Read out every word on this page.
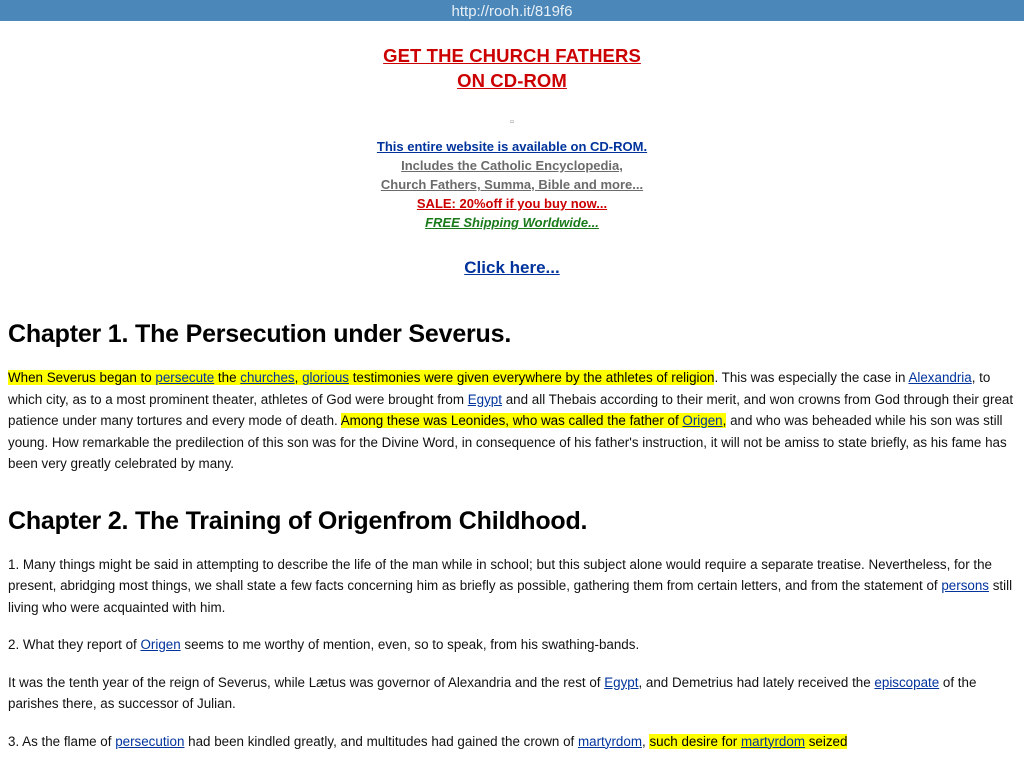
http://rooh.it/819f6
GET THE CHURCH FATHERS
ON CD-ROM
▫
This entire website is available on CD-ROM.
Includes the Catholic Encyclopedia,
Church Fathers, Summa, Bible and more...
SALE: 20%off if you buy now...
FREE Shipping Worldwide...
Click here...
Chapter 1. The Persecution under Severus.

When Severus began to persecute the churches, glorious testimonies were given everywhere by the athletes of religion. This was especially the case in Alexandria, to which city, as to a most prominent theater, athletes of God were brought from Egypt and all Thebais according to their merit, and won crowns from God through their great patience under many tortures and every mode of death. Among these was Leonides, who was called the father of Origen, and who was beheaded while his son was still young. How remarkable the predilection of this son was for the Divine Word, in consequence of his father's instruction, it will not be amiss to state briefly, as his fame has been very greatly celebrated by many.

Chapter 2. The Training of Origenfrom Childhood.

1. Many things might be said in attempting to describe the life of the man while in school; but this subject alone would require a separate treatise. Nevertheless, for the present, abridging most things, we shall state a few facts concerning him as briefly as possible, gathering them from certain letters, and from the statement of persons still living who were acquainted with him.

2. What they report of Origen seems to me worthy of mention, even, so to speak, from his swathing-bands.

It was the tenth year of the reign of Severus, while Lætus was governor of Alexandria and the rest of Egypt, and Demetrius had lately received the episcopate of the parishes there, as successor of Julian.

3. As the flame of persecution had been kindled greatly, and multitudes had gained the crown of martyrdom, such desire for martyrdom seized
